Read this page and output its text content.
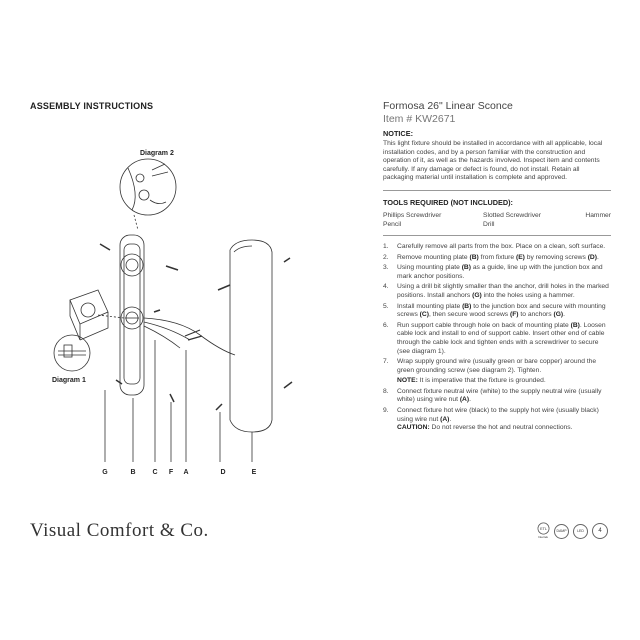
ASSEMBLY INSTRUCTIONS
Diagram 2
Diagram 1
G	B C F A	D	E
Visual Comfort & Co.
Formosa 26" Linear Sconce
Item # KW2671
NOTICE:
This light fixture should be installed in accordance with all applicable, local installation codes, and by a person familiar with the construction and operation of it, as well as the hazards involved. Inspect item and contents carefully. If any damage or defect is found, do not install. Retain all packaging material until installation is complete and approved.
TOOLS REQUIRED (NOT INCLUDED):
Phillips Screwdriver	Slotted Screwdriver	Hammer
Pencil	Drill
1. Carefully remove all parts from the box. Place on a clean, soft surface.
2. Remove mounting plate (B) from fixture (E) by removing screws (D).
3. Using mounting plate (B) as a guide, line up with the junction box and mark anchor positions.
4. Using a drill bit slightly smaller than the anchor, drill holes in the marked positions. Install anchors (G) into the holes using a hammer.
5. Install mounting plate (B) to the junction box and secure with mounting screws (C), then secure wood screws (F) to anchors (G).
6. Run support cable through hole on back of mounting plate (B). Loosen cable lock and install to end of support cable. Insert other end of cable through the cable lock and tighten ends with a screwdriver to secure (see diagram 1).
7. Wrap supply ground wire (usually green or bare copper) around the green grounding screw (see diagram 2). Tighten.
NOTE: It is imperative that the fixture is grounded.
8. Connect fixture neutral wire (white) to the supply neutral wire (usually white) using wire nut (A).
9. Connect fixture hot wire (black) to the supply hot wire (usually black) using wire nut (A).
CAUTION: Do not reverse the hot and neutral connections.
ETL
Intertek
DAMP	LED	4
